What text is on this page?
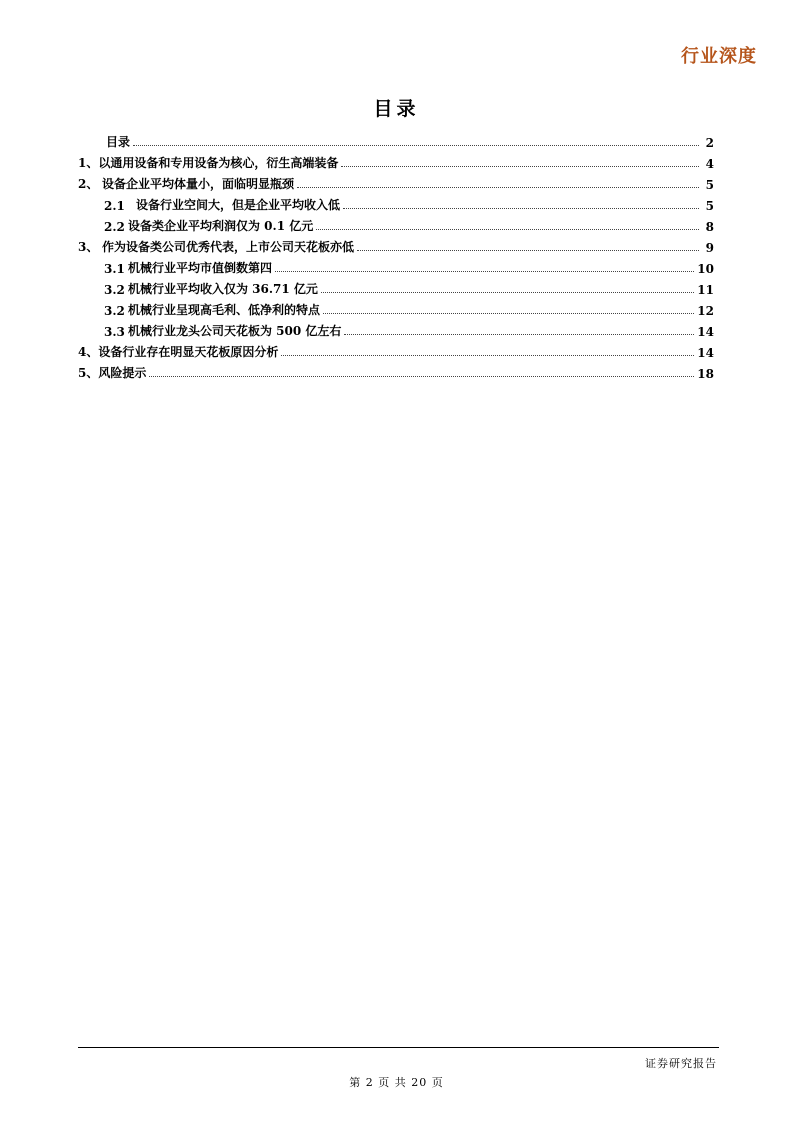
行业深度
目录
目录	2
1、 以通用设备和专用设备为核心，衍生高端装备	4
2、 设备企业平均体量小，面临明显瓶颈	5
2.1 设备行业空间大，但是企业平均收入低	5
2.2 设备类企业平均利润仅为 0.1 亿元	8
3、 作为设备类公司优秀代表，上市公司天花板亦低	9
3.1 机械行业平均市值倒数第四	10
3.2 机械行业平均收入仅为 36.71 亿元	11
3.2 机械行业呈现高毛利、低净利的特点	12
3.3 机械行业龙头公司天花板为 500 亿左右	14
4、 设备行业存在明显天花板原因分析	14
5、 风险提示	18
证券研究报告
第 2 页 共 20 页
